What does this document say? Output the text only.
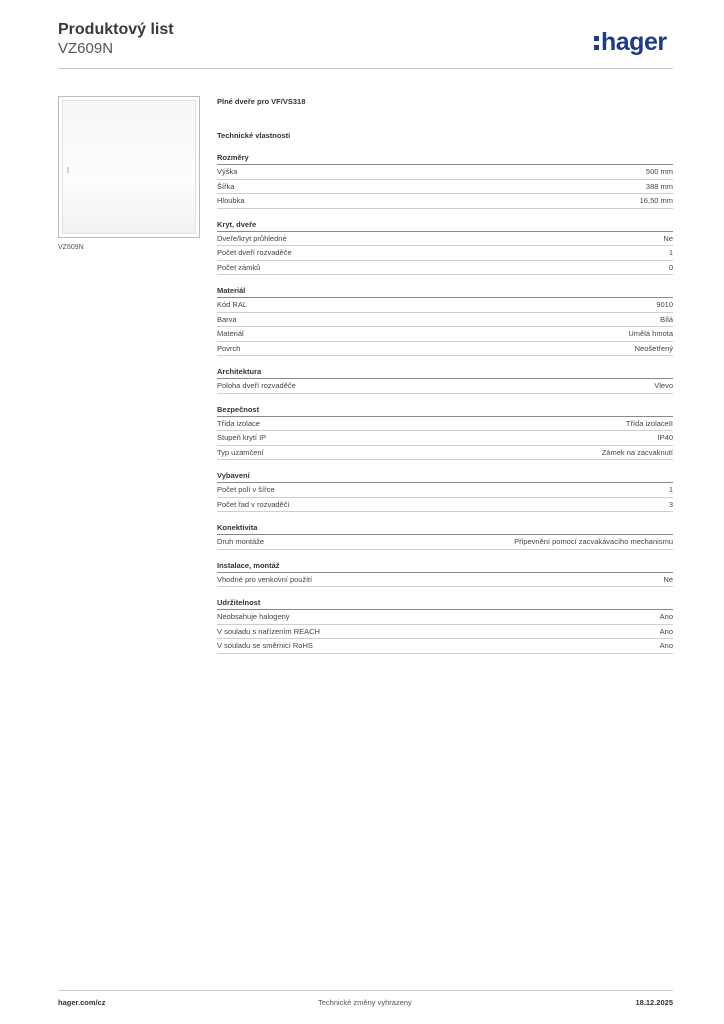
Produktový list
VZ609N	hager
VZ609N
Plné dveře pro VF/VS318
Technické vlastnosti
Rozměry
Výška	500 mm
Šířka	388 mm
Hloubka	16,50 mm
Kryt, dveře
Dveře/kryt průhledné	Ne
Počet dveří rozvaděče	1
Počet zámků	0
Materiál
Kód RAL	9010
Barva	Bílá
Materiál	Umělá hmota
Povrch	Neošetřený
Architektura
Poloha dveří rozvaděče	Vlevo
Bezpečnost
Třída izolace	Třída izolaceII
Stupeň krytí IP	IP40
Typ uzamčení	Zámek na zacvaknutí
Vybavení
Počet polí v šířce	1
Počet řad v rozvaděči	3
Konektivita
Druh montáže	Připevnění pomocí zacvakávacího mechanismu
Instalace, montáž
Vhodné pro venkovní použití	Ne
Udržitelnost
Neobsahuje halogeny	Ano
V souladu s nařízením REACH	Ano
V souladu se směrnicí RoHS	Ano
hager.com/cz	Technické změny vyhrazeny	18.12.2025
